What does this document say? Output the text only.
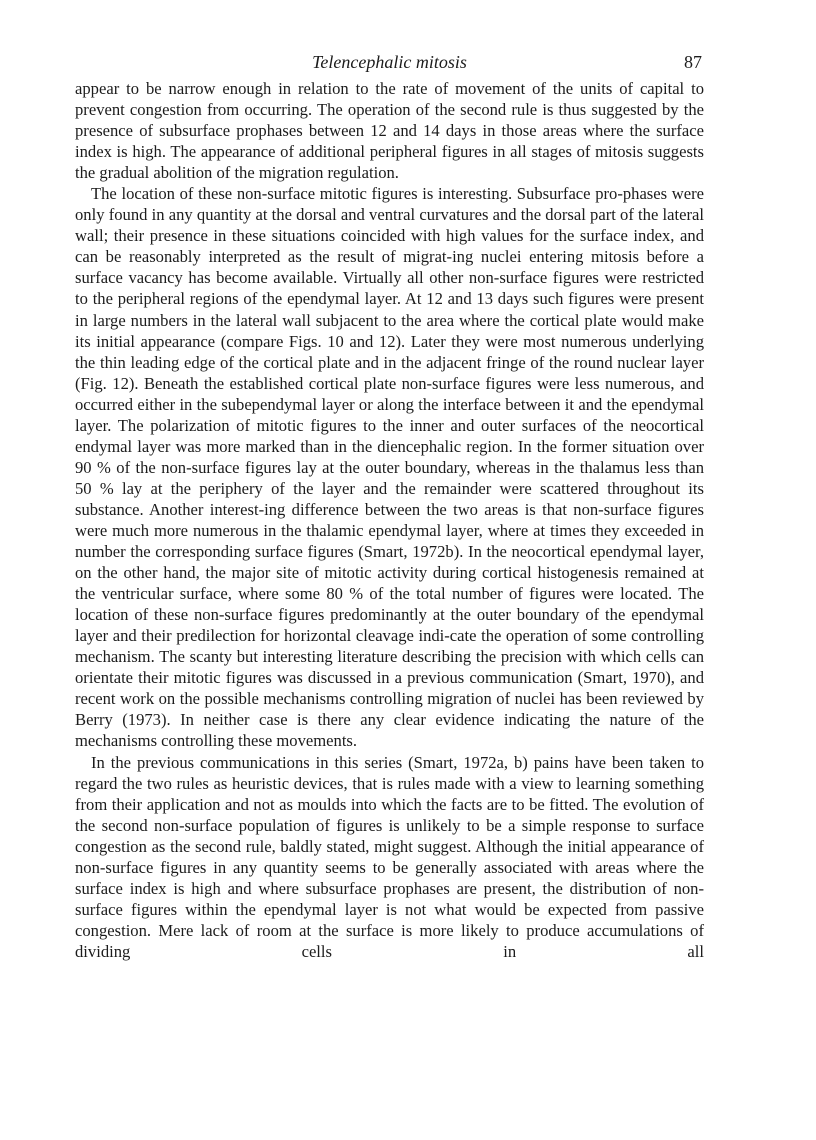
Telencephalic mitosis	87

appear to be narrow enough in relation to the rate of movement of the units of capital to prevent congestion from occurring. The operation of the second rule is thus suggested by the presence of subsurface prophases between 12 and 14 days in those areas where the surface index is high. The appearance of additional peripheral figures in all stages of mitosis suggests the gradual abolition of the migration regulation.

The location of these non-surface mitotic figures is interesting. Subsurface pro-phases were only found in any quantity at the dorsal and ventral curvatures and the dorsal part of the lateral wall; their presence in these situations coincided with high values for the surface index, and can be reasonably interpreted as the result of migrat-ing nuclei entering mitosis before a surface vacancy has become available. Virtually all other non-surface figures were restricted to the peripheral regions of the ependymal layer. At 12 and 13 days such figures were present in large numbers in the lateral wall subjacent to the area where the cortical plate would make its initial appearance (compare Figs. 10 and 12). Later they were most numerous underlying the thin leading edge of the cortical plate and in the adjacent fringe of the round nuclear layer (Fig. 12). Beneath the established cortical plate non-surface figures were less numerous, and occurred either in the subependymal layer or along the interface between it and the ependymal layer. The polarization of mitotic figures to the inner and outer surfaces of the neocortical endymal layer was more marked than in the diencephalic region. In the former situation over 90 % of the non-surface figures lay at the outer boundary, whereas in the thalamus less than 50 % lay at the periphery of the layer and the remainder were scattered throughout its substance. Another interest-ing difference between the two areas is that non-surface figures were much more numerous in the thalamic ependymal layer, where at times they exceeded in number the corresponding surface figures (Smart, 1972b). In the neocortical ependymal layer, on the other hand, the major site of mitotic activity during cortical histogenesis remained at the ventricular surface, where some 80 % of the total number of figures were located. The location of these non-surface figures predominantly at the outer boundary of the ependymal layer and their predilection for horizontal cleavage indi-cate the operation of some controlling mechanism. The scanty but interesting literature describing the precision with which cells can orientate their mitotic figures was discussed in a previous communication (Smart, 1970), and recent work on the possible mechanisms controlling migration of nuclei has been reviewed by Berry (1973). In neither case is there any clear evidence indicating the nature of the mechanisms controlling these movements.

In the previous communications in this series (Smart, 1972a, b) pains have been taken to regard the two rules as heuristic devices, that is rules made with a view to learning something from their application and not as moulds into which the facts are to be fitted. The evolution of the second non-surface population of figures is unlikely to be a simple response to surface congestion as the second rule, baldly stated, might suggest. Although the initial appearance of non-surface figures in any quantity seems to be generally associated with areas where the surface index is high and where subsurface prophases are present, the distribution of non-surface figures within the ependymal layer is not what would be expected from passive congestion. Mere lack of room at the surface is more likely to produce accumulations of dividing cells in all
